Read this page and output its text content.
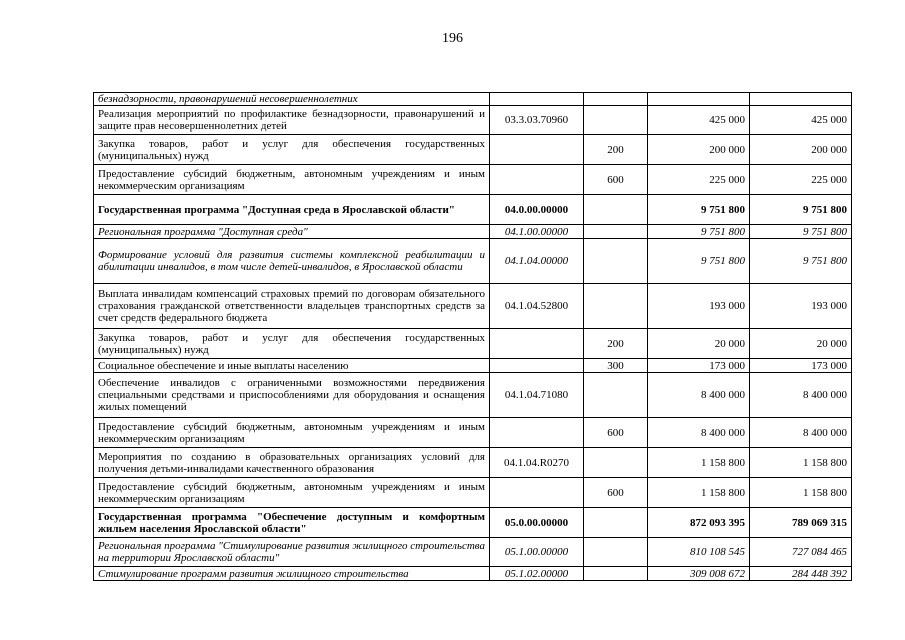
196
безнадзорности, правонарушений несовершеннолетних				
Реализация мероприятий по профилактике безнадзорности, правонарушений и защите прав несовершеннолетних детей	03.3.03.70960		425 000	425 000
Закупка товаров, работ и услуг для обеспечения государственных (муниципальных) нужд		200	200 000	200 000
Предоставление субсидий бюджетным, автономным учреждениям и иным некоммерческим организациям		600	225 000	225 000
Государственная программа "Доступная среда в Ярославской области"	04.0.00.00000		9 751 800	9 751 800
Региональная программа "Доступная среда"	04.1.00.00000		9 751 800	9 751 800
Формирование условий для развития системы комплексной реабилитации и абилитации инвалидов, в том числе детей-инвалидов, в Ярославской области	04.1.04.00000		9 751 800	9 751 800
Выплата инвалидам компенсаций страховых премий по договорам обязательного страхования гражданской ответственности владельцев транспортных средств за счет средств федерального бюджета	04.1.04.52800		193 000	193 000
Закупка товаров, работ и услуг для обеспечения государственных (муниципальных) нужд		200	20 000	20 000
Социальное обеспечение и иные выплаты населению		300	173 000	173 000
Обеспечение инвалидов с ограниченными возможностями передвижения специальными средствами и приспособлениями для оборудования и оснащения жилых помещений	04.1.04.71080		8 400 000	8 400 000
Предоставление субсидий бюджетным, автономным учреждениям и иным некоммерческим организациям		600	8 400 000	8 400 000
Мероприятия по созданию в образовательных организациях условий для получения детьми-инвалидами качественного образования	04.1.04.R0270		1 158 800	1 158 800
Предоставление субсидий бюджетным, автономным учреждениям и иным некоммерческим организациям		600	1 158 800	1 158 800
Государственная программа "Обеспечение доступным и комфортным жильем населения Ярославской области"	05.0.00.00000		872 093 395	789 069 315
Региональная программа "Стимулирование развития жилищного строительства на территории Ярославской области"	05.1.00.00000		810 108 545	727 084 465
Стимулирование программ развития жилищного строительства	05.1.02.00000		309 008 672	284 448 392
